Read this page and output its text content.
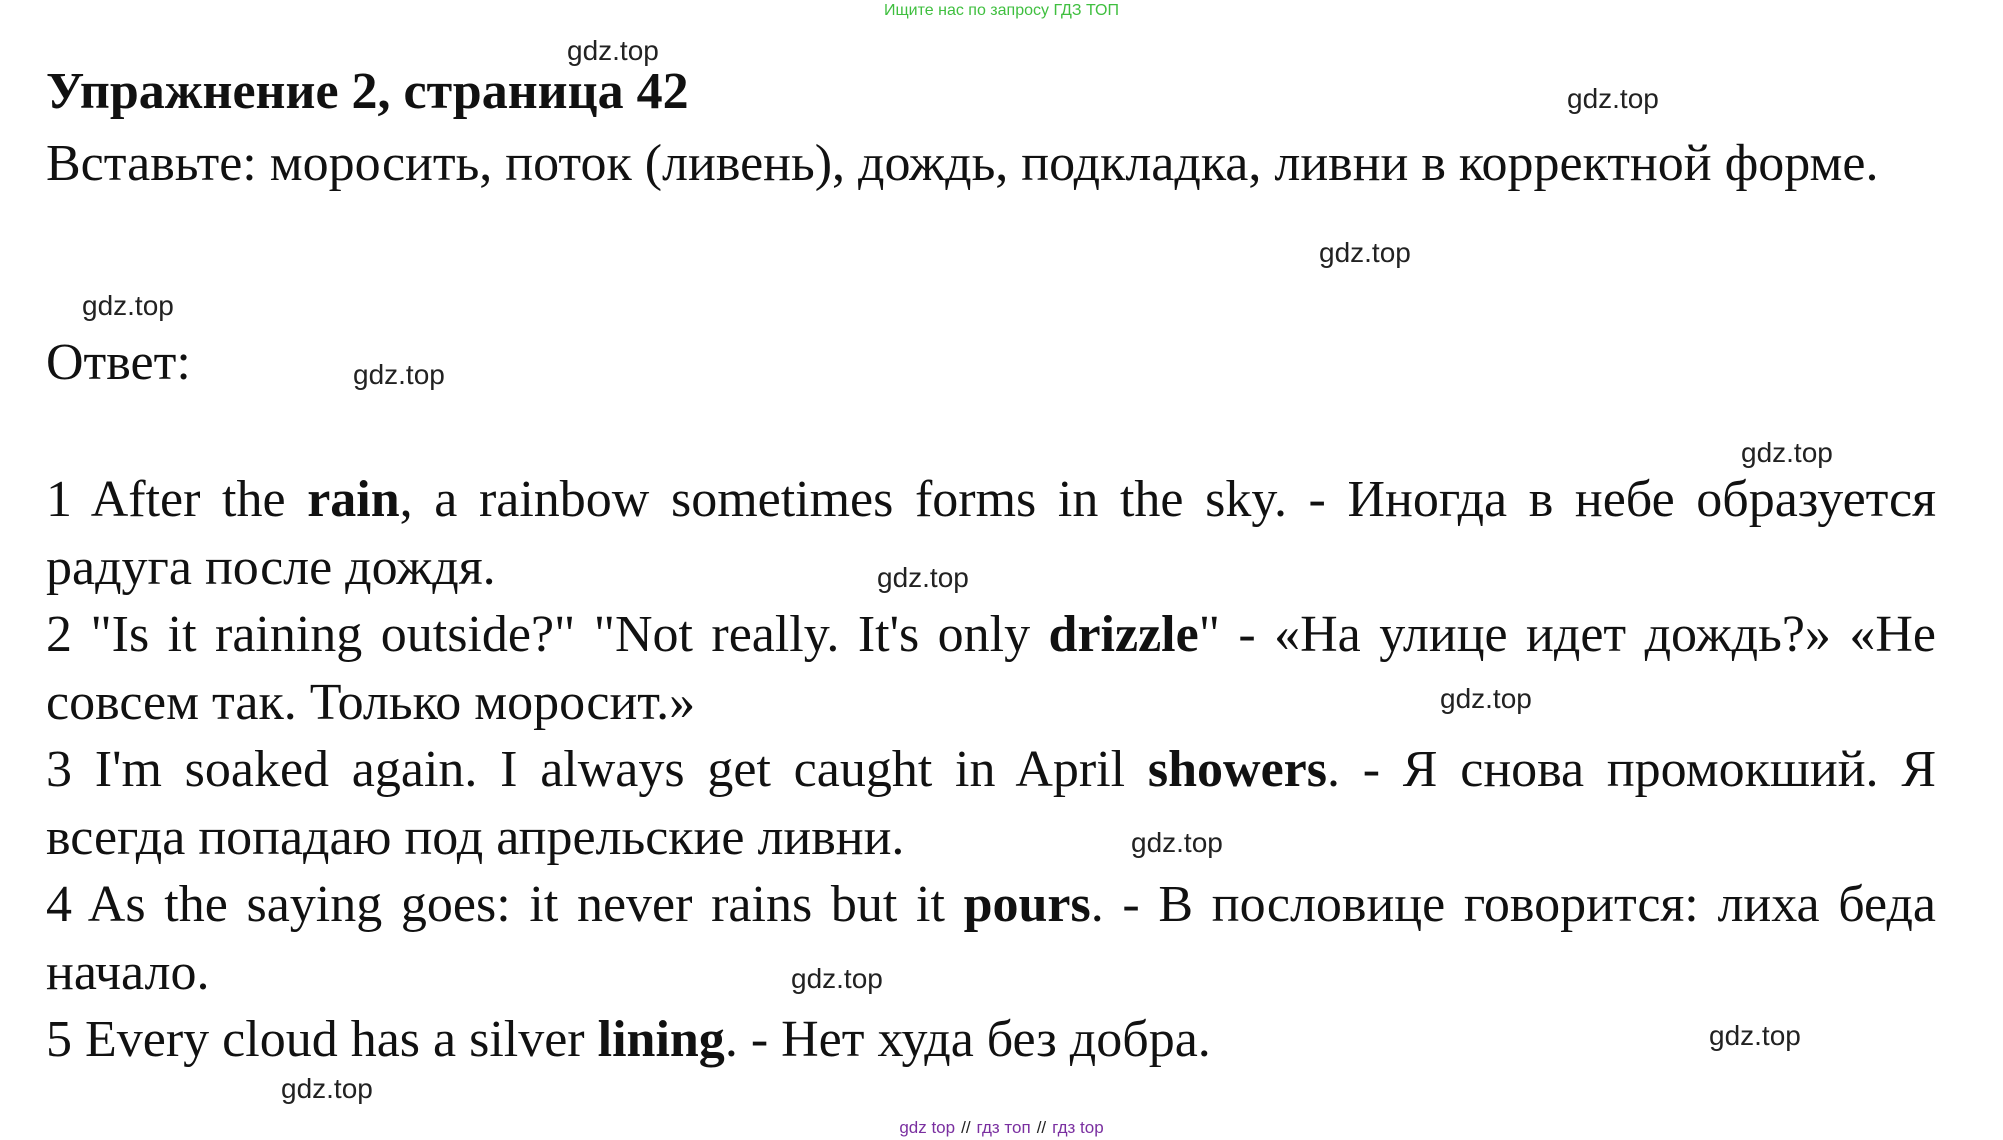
Ищите нас по запросу ГДЗ ТОП
Упражнение 2, страница 42
Вставьте: моросить, поток (ливень), дождь, подкладка, ливни в корректной форме.
Ответ:

1 After the rain, a rainbow sometimes forms in the sky. - Иногда в небе образуется радуга после дождя.

2 "Is it raining outside?" "Not really. It's only drizzle" - «На улице идет дождь?» «Не совсем так. Только моросит.»

3 I'm soaked again. I always get caught in April showers. - Я снова промокший. Я всегда попадаю под апрельские ливни.

4 As the saying goes: it never rains but it pours. - В пословице говорится: лиха беда начало.

5 Every cloud has a silver lining. - Нет худа без добра.

gdz.top
gdz.top
gdz.top
gdz.top
gdz.top
gdz.top
gdz.top
gdz.top
gdz.top
gdz.top
gdz.top
gdz.top
gdz top // гдз топ // гдз top
